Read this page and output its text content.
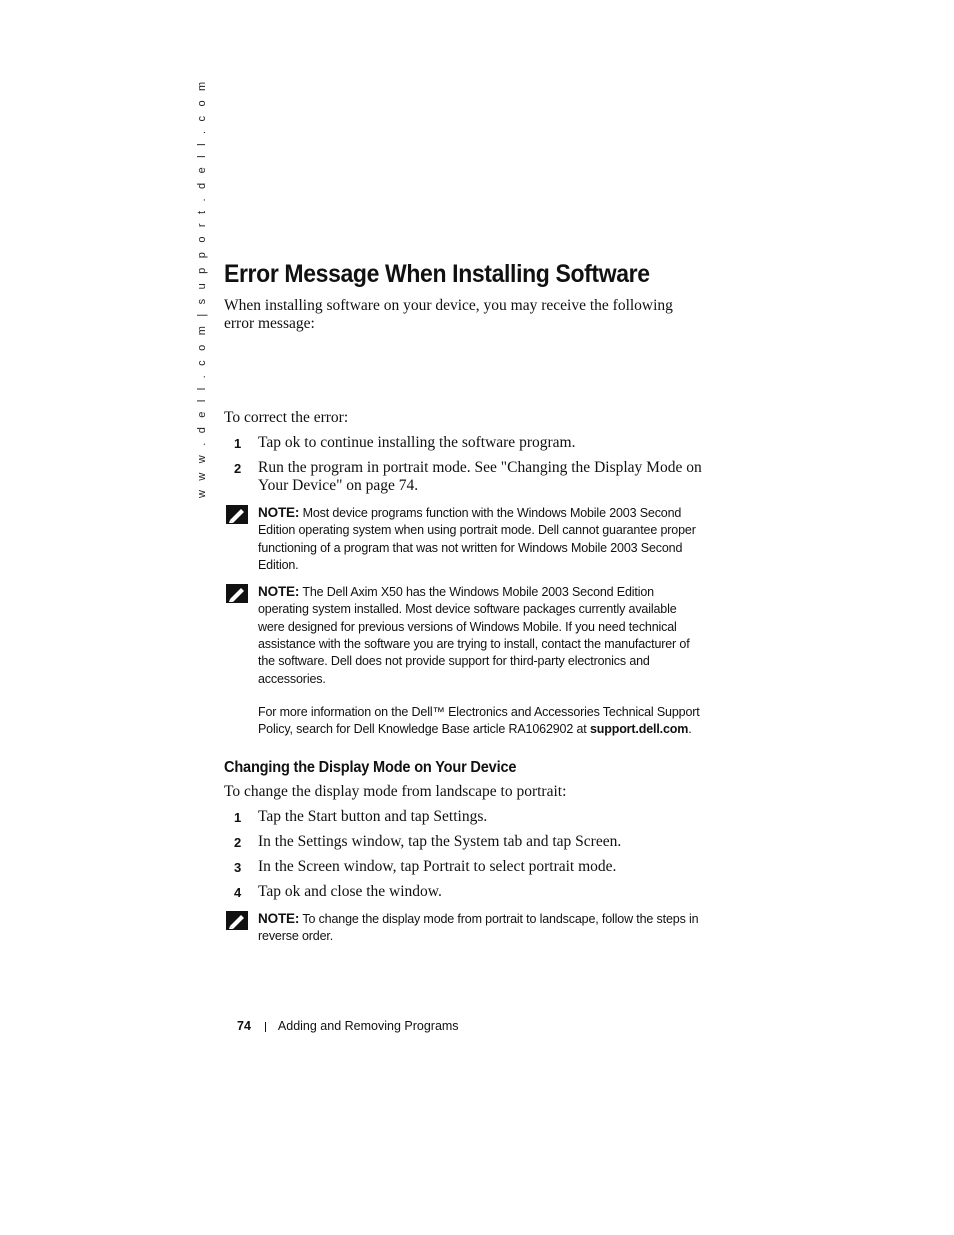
w w w . d e l l . c o m | s u p p o r t . d e l l . c o m Error Message When Installing Software

When installing software on your device, you may receive the following error message:

To correct the error:

1 Tap ok to continue installing the software program.
2 Run the program in portrait mode. See "Changing the Display Mode on Your Device" on page 74.
NOTE: Most device programs function with the Windows Mobile 2003 Second Edition operating system when using portrait mode. Dell cannot guarantee proper functioning of a program that was not written for Windows Mobile 2003 Second Edition.
NOTE: The Dell Axim X50 has the Windows Mobile 2003 Second Edition operating system installed. Most device software packages currently available were designed for previous versions of Windows Mobile. If you need technical assistance with the software you are trying to install, contact the manufacturer of the software. Dell does not provide support for third-party electronics and accessories.
For more information on the Dell™ Electronics and Accessories Technical Support Policy, search for Dell Knowledge Base article RA1062902 at support.dell.com.
Changing the Display Mode on Your Device

To change the display mode from landscape to portrait:

1 Tap the Start button and tap Settings.
2 In the Settings window, tap the System tab and tap Screen.
3 In the Screen window, tap Portrait to select portrait mode.
4 Tap ok and close the window.
NOTE: To change the display mode from portrait to landscape, follow the steps in reverse order.
74 Adding and Removing Programs
